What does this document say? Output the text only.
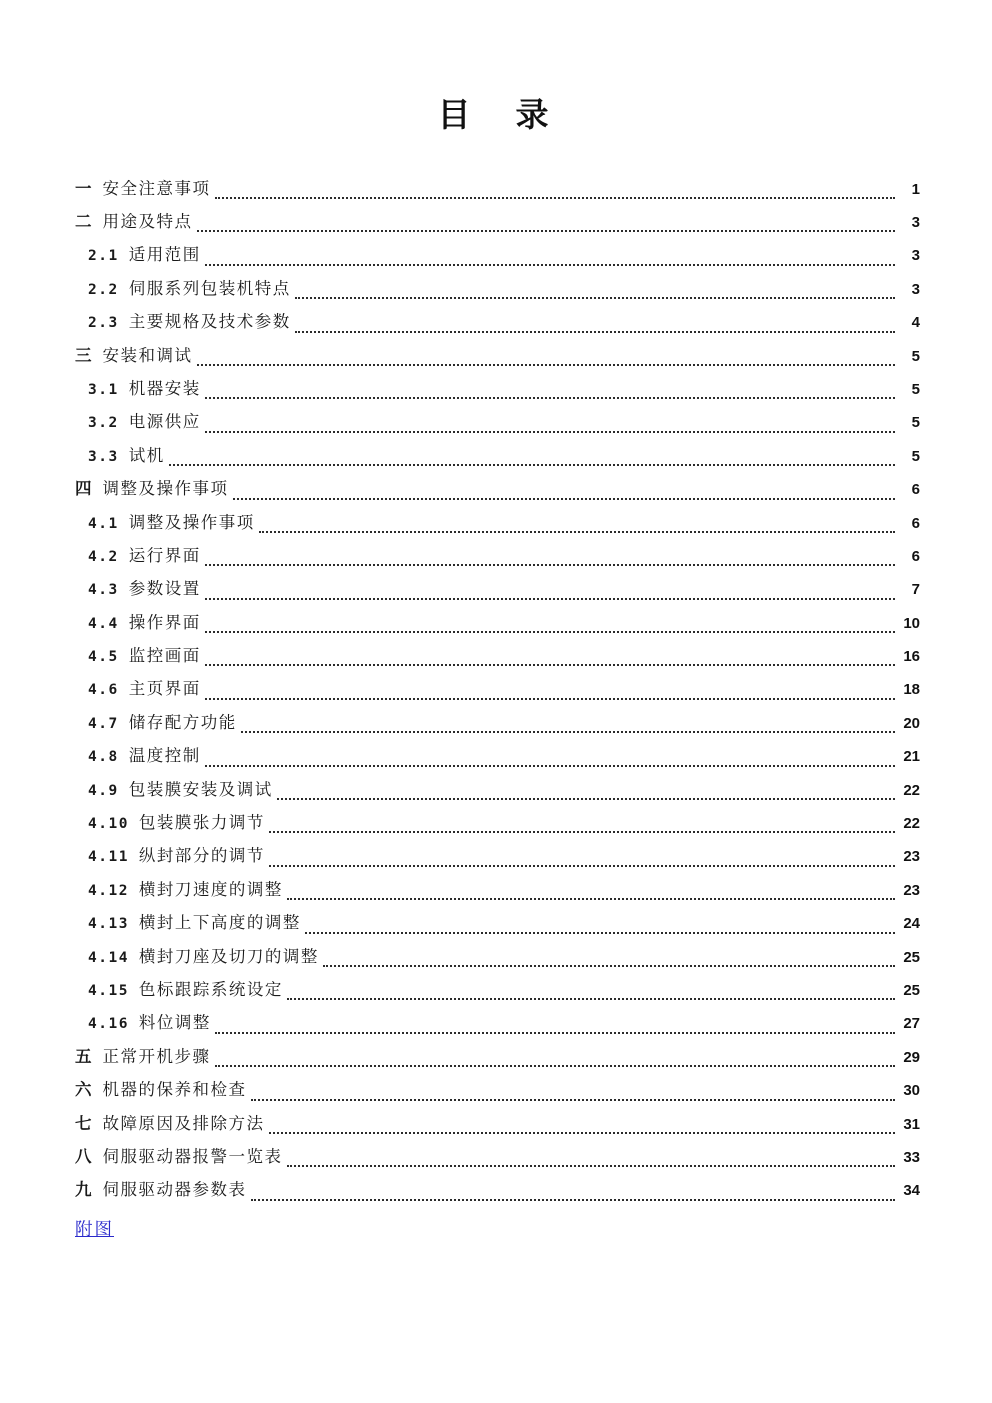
目　录
一 安全注意事项	1
二 用途及特点	3
2.1 适用范围	3
2.2 伺服系列包装机特点	3
2.3 主要规格及技术参数	4
三 安装和调试	5
3.1 机器安装	5
3.2 电源供应	5
3.3 试机	5
四 调整及操作事项	6
4.1 调整及操作事项	6
4.2 运行界面	6
4.3 参数设置	7
4.4 操作界面	10
4.5 监控画面	16
4.6 主页界面	18
4.7 储存配方功能	20
4.8 温度控制	21
4.9 包装膜安装及调试	22
4.10 包装膜张力调节	22
4.11 纵封部分的调节	23
4.12 横封刀速度的调整	23
4.13 横封上下高度的调整	24
4.14 横封刀座及切刀的调整	25
4.15 色标跟踪系统设定	25
4.16 料位调整	27
五 正常开机步骤	29
六 机器的保养和检查	30
七 故障原因及排除方法	31
八 伺服驱动器报警一览表	33
九 伺服驱动器参数表	34
附图
